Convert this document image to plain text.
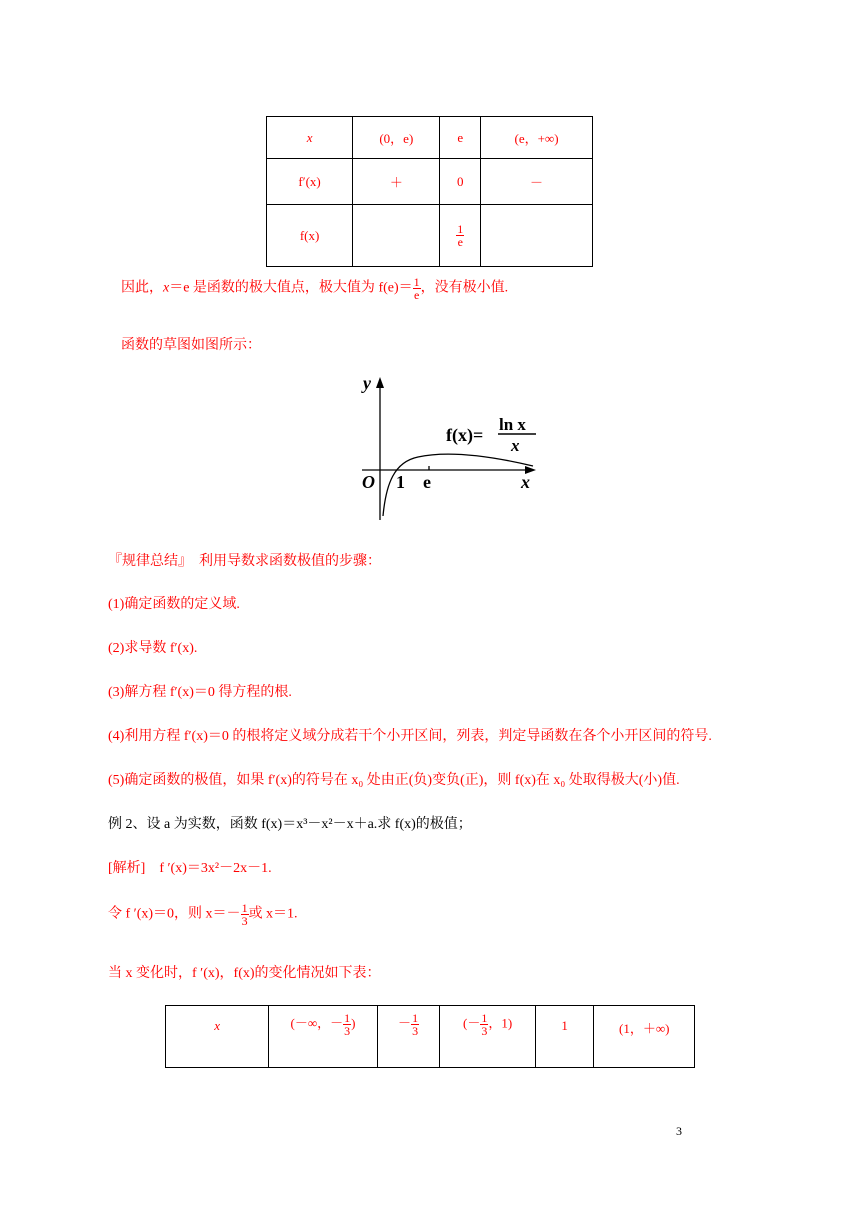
x	(0，e)	e	(e，+∞)
f′(x)	＋	0	－
f(x)		$\frac{1}{e}$

因此，x＝e 是函数的极大值点，极大值为 $f(e)= \frac{1}{e}$ ，没有极小值.
函数的草图如图所示：
y
x
O 1 e
f(x)=
ln x
x
『规律总结』　利用导数求函数极值的步骤：
(1)确定函数的定义域.
(2)求导数 f′(x).
(3)解方程 f′(x)＝0 得方程的根.
(4)利用方程 f′(x)＝0 的根将定义域分成若干个小开区间，列表，判定导函数在各个小开区间的符号.
(5)确定函数的极值，如果 f′(x)的符号在 x₀ 处由正(负)变负(正)，则 f(x)在 x₀ 处取得极大(小)值.
例 2、设 a 为实数，函数 f(x)＝x³－x²－x＋a.求 f(x)的极值；
[解析]　f ′(x)＝3x²－2x－1.
令 f ′(x)＝0，则 $x=- \frac{1}{3}$ 或 x＝1.
当 x 变化时，f ′(x)，f(x)的变化情况如下表：
x	(－∞，－ $\frac{1}{3}$ )	－ $\frac{1}{3}$	(－ $\frac{1}{3}$ ，1)	1	(1，＋∞)
3
